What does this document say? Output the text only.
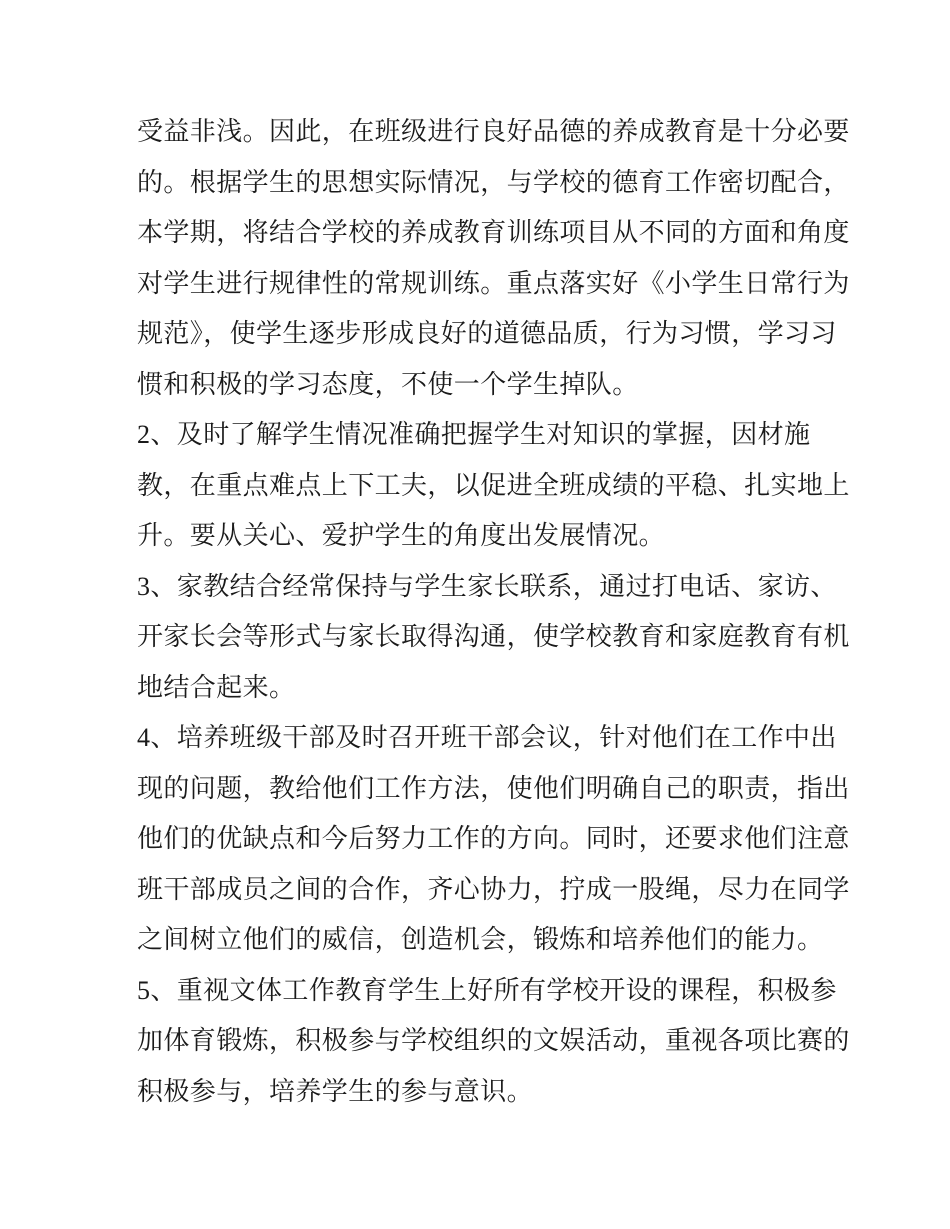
受益非浅。因此，在班级进行良好品德的养成教育是十分必要
的。根据学生的思想实际情况，与学校的德育工作密切配合，
本学期，将结合学校的养成教育训练项目从不同的方面和角度
对学生进行规律性的常规训练。重点落实好《小学生日常行为
规范》，使学生逐步形成良好的道德品质，行为习惯，学习习
惯和积极的学习态度，不使一个学生掉队。
2、及时了解学生情况准确把握学生对知识的掌握，因材施
教，在重点难点上下工夫，以促进全班成绩的平稳、扎实地上
升。要从关心、爱护学生的角度出发展情况。
3、家教结合经常保持与学生家长联系，通过打电话、家访、
开家长会等形式与家长取得沟通，使学校教育和家庭教育有机
地结合起来。
4、培养班级干部及时召开班干部会议，针对他们在工作中出
现的问题，教给他们工作方法，使他们明确自己的职责，指出
他们的优缺点和今后努力工作的方向。同时，还要求他们注意
班干部成员之间的合作，齐心协力，拧成一股绳，尽力在同学
之间树立他们的威信，创造机会，锻炼和培养他们的能力。
5、重视文体工作教育学生上好所有学校开设的课程，积极参
加体育锻炼，积极参与学校组织的文娱活动，重视各项比赛的
积极参与，培养学生的参与意识。
